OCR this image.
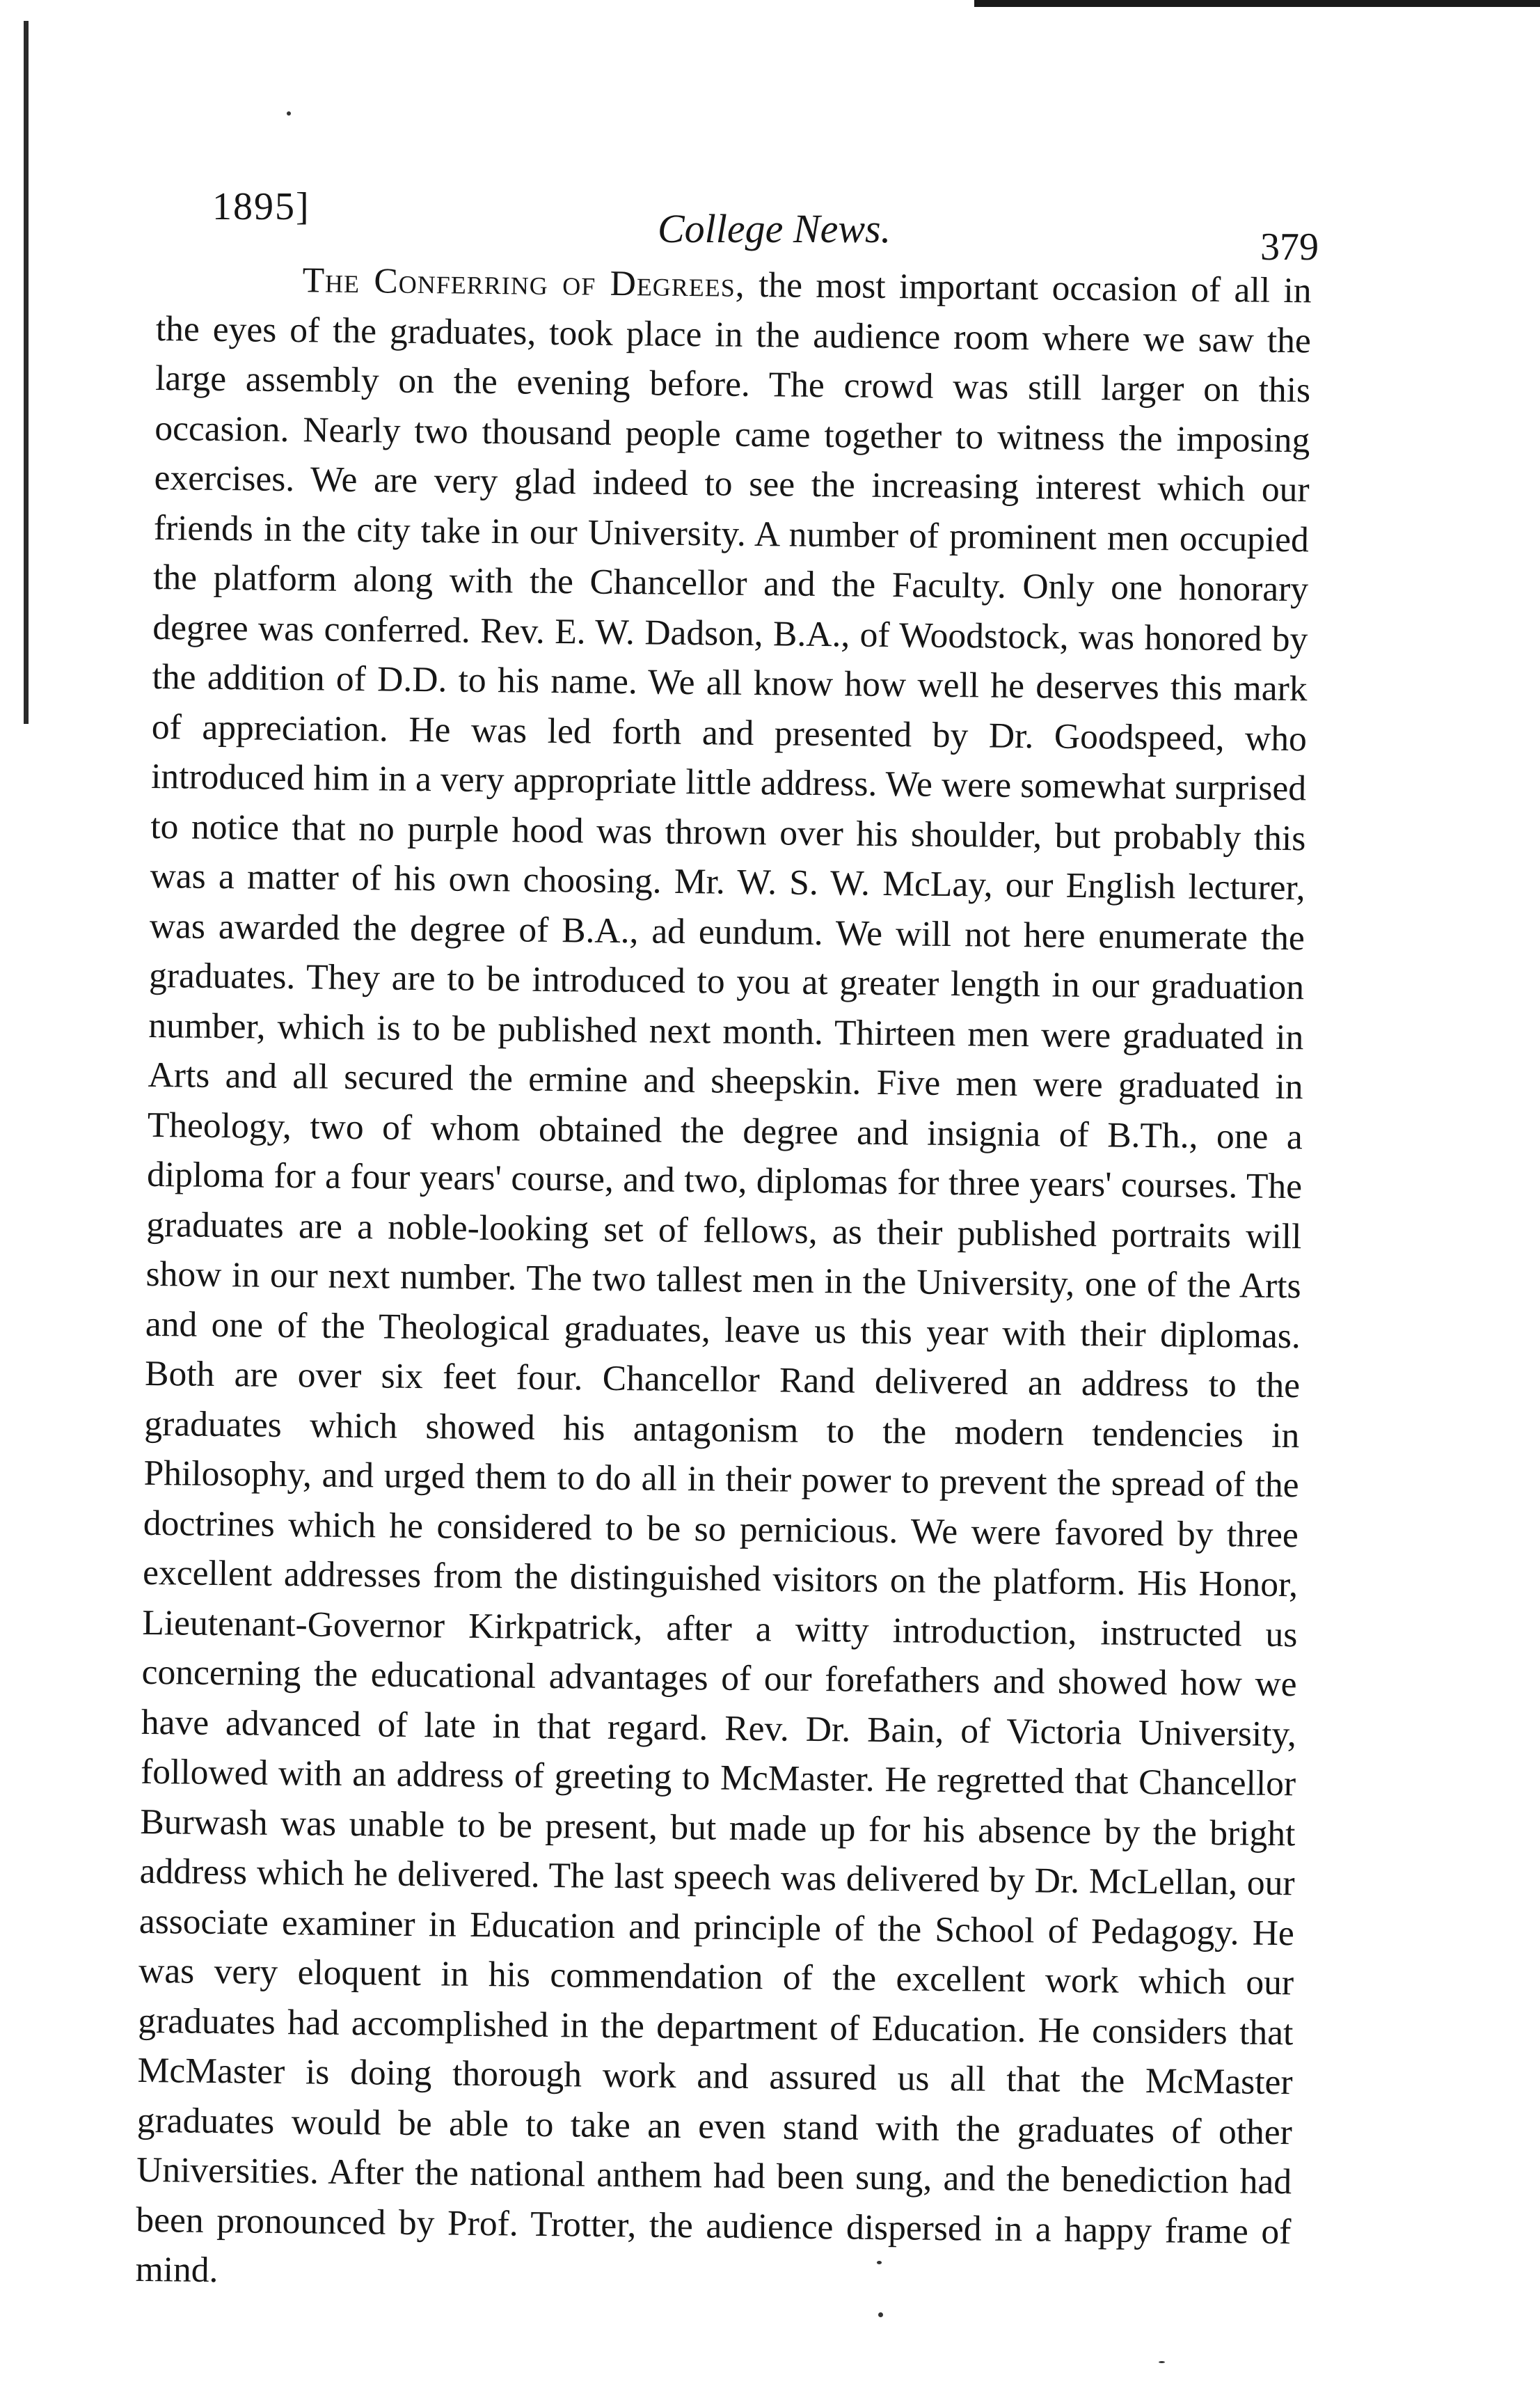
1895]	College News.	379

The Conferring of Degrees, the most important occasion of all in the eyes of the graduates, took place in the audience room where we saw the large assembly on the evening before. The crowd was still larger on this occasion. Nearly two thousand people came together to witness the imposing exercises. We are very glad indeed to see the increasing interest which our friends in the city take in our University. A number of prominent men occupied the platform along with the Chancellor and the Faculty. Only one honorary degree was conferred. Rev. E. W. Dadson, B.A., of Woodstock, was honored by the addition of D.D. to his name. We all know how well he deserves this mark of appreciation. He was led forth and presented by Dr. Goodspeed, who introduced him in a very appropriate little address. We were somewhat surprised to notice that no purple hood was thrown over his shoulder, but probably this was a matter of his own choosing. Mr. W. S. W. McLay, our English lecturer, was awarded the degree of B.A., ad eundum. We will not here enumerate the graduates. They are to be introduced to you at greater length in our graduation number, which is to be published next month. Thirteen men were graduated in Arts and all secured the ermine and sheepskin. Five men were graduated in Theology, two of whom obtained the degree and insignia of B.Th., one a diploma for a four years' course, and two, diplomas for three years' courses. The graduates are a noble-looking set of fellows, as their published portraits will show in our next number. The two tallest men in the University, one of the Arts and one of the Theological graduates, leave us this year with their diplomas. Both are over six feet four. Chancellor Rand delivered an address to the graduates which showed his antagonism to the modern tendencies in Philosophy, and urged them to do all in their power to prevent the spread of the doctrines which he considered to be so pernicious. We were favored by three excellent addresses from the distinguished visitors on the platform. His Honor, Lieutenant-Governor Kirkpatrick, after a witty introduction, instructed us concerning the educational advantages of our forefathers and showed how we have advanced of late in that regard. Rev. Dr. Bain, of Victoria University, followed with an address of greeting to McMaster. He regretted that Chancellor Burwash was unable to be present, but made up for his absence by the bright address which he delivered. The last speech was delivered by Dr. McLellan, our associate examiner in Education and principle of the School of Pedagogy. He was very eloquent in his commendation of the excellent work which our graduates had accomplished in the department of Education. He considers that McMaster is doing thorough work and assured us all that the McMaster graduates would be able to take an even stand with the graduates of other Universities. After the national anthem had been sung, and the benediction had been pronounced by Prof. Trotter, the audience dispersed in a happy frame of mind.
